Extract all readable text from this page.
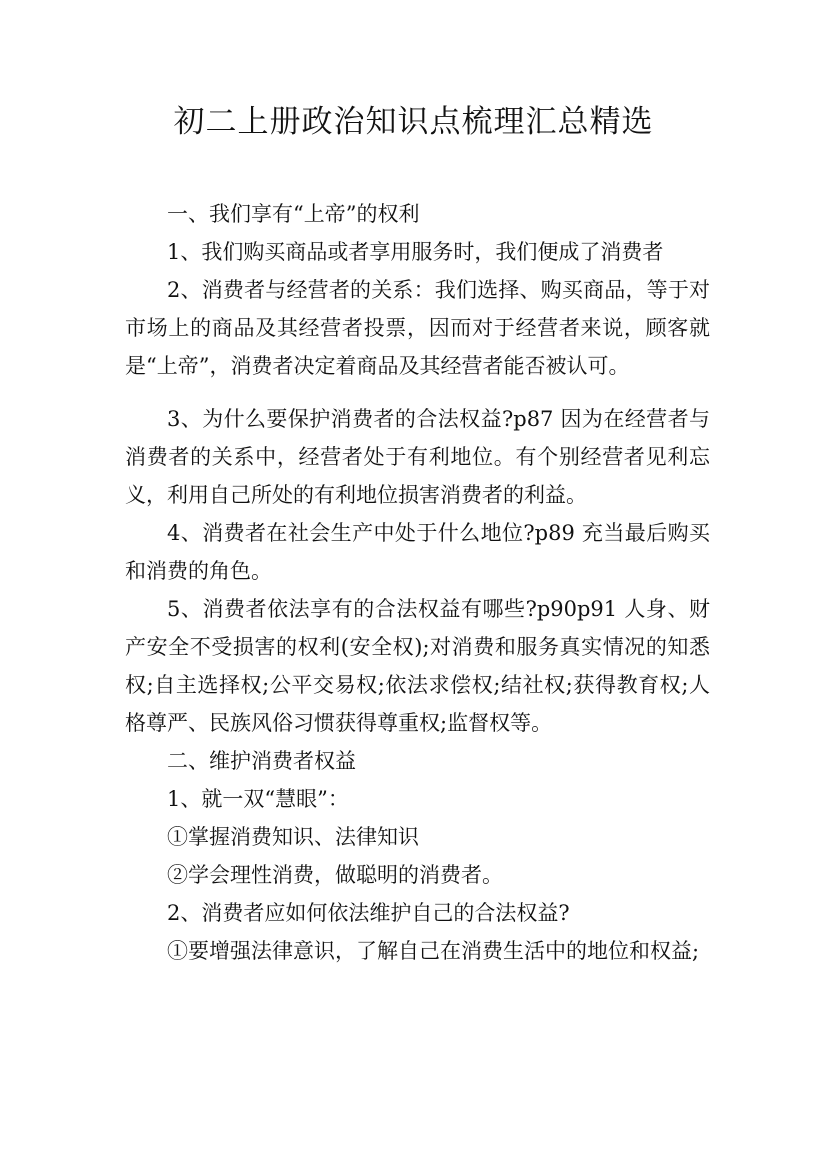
初二上册政治知识点梳理汇总精选

一、我们享有“上帝”的权利

1、我们购买商品或者享用服务时，我们便成了消费者

2、消费者与经营者的关系：我们选择、购买商品，等于对市场上的商品及其经营者投票，因而对于经营者来说，顾客就是“上帝”，消费者决定着商品及其经营者能否被认可。

3、为什么要保护消费者的合法权益?p87 因为在经营者与消费者的关系中，经营者处于有利地位。有个别经营者见利忘义，利用自己所处的有利地位损害消费者的利益。

4、消费者在社会生产中处于什么地位?p89 充当最后购买和消费的角色。

5、消费者依法享有的合法权益有哪些?p90p91 人身、财产安全不受损害的权利(安全权);对消费和服务真实情况的知悉权;自主选择权;公平交易权;依法求偿权;结社权;获得教育权;人格尊严、民族风俗习惯获得尊重权;监督权等。

二、维护消费者权益

1、就一双“慧眼”：

①掌握消费知识、法律知识

②学会理性消费，做聪明的消费者。

2、消费者应如何依法维护自己的合法权益?

①要增强法律意识，了解自己在消费生活中的地位和权益;
